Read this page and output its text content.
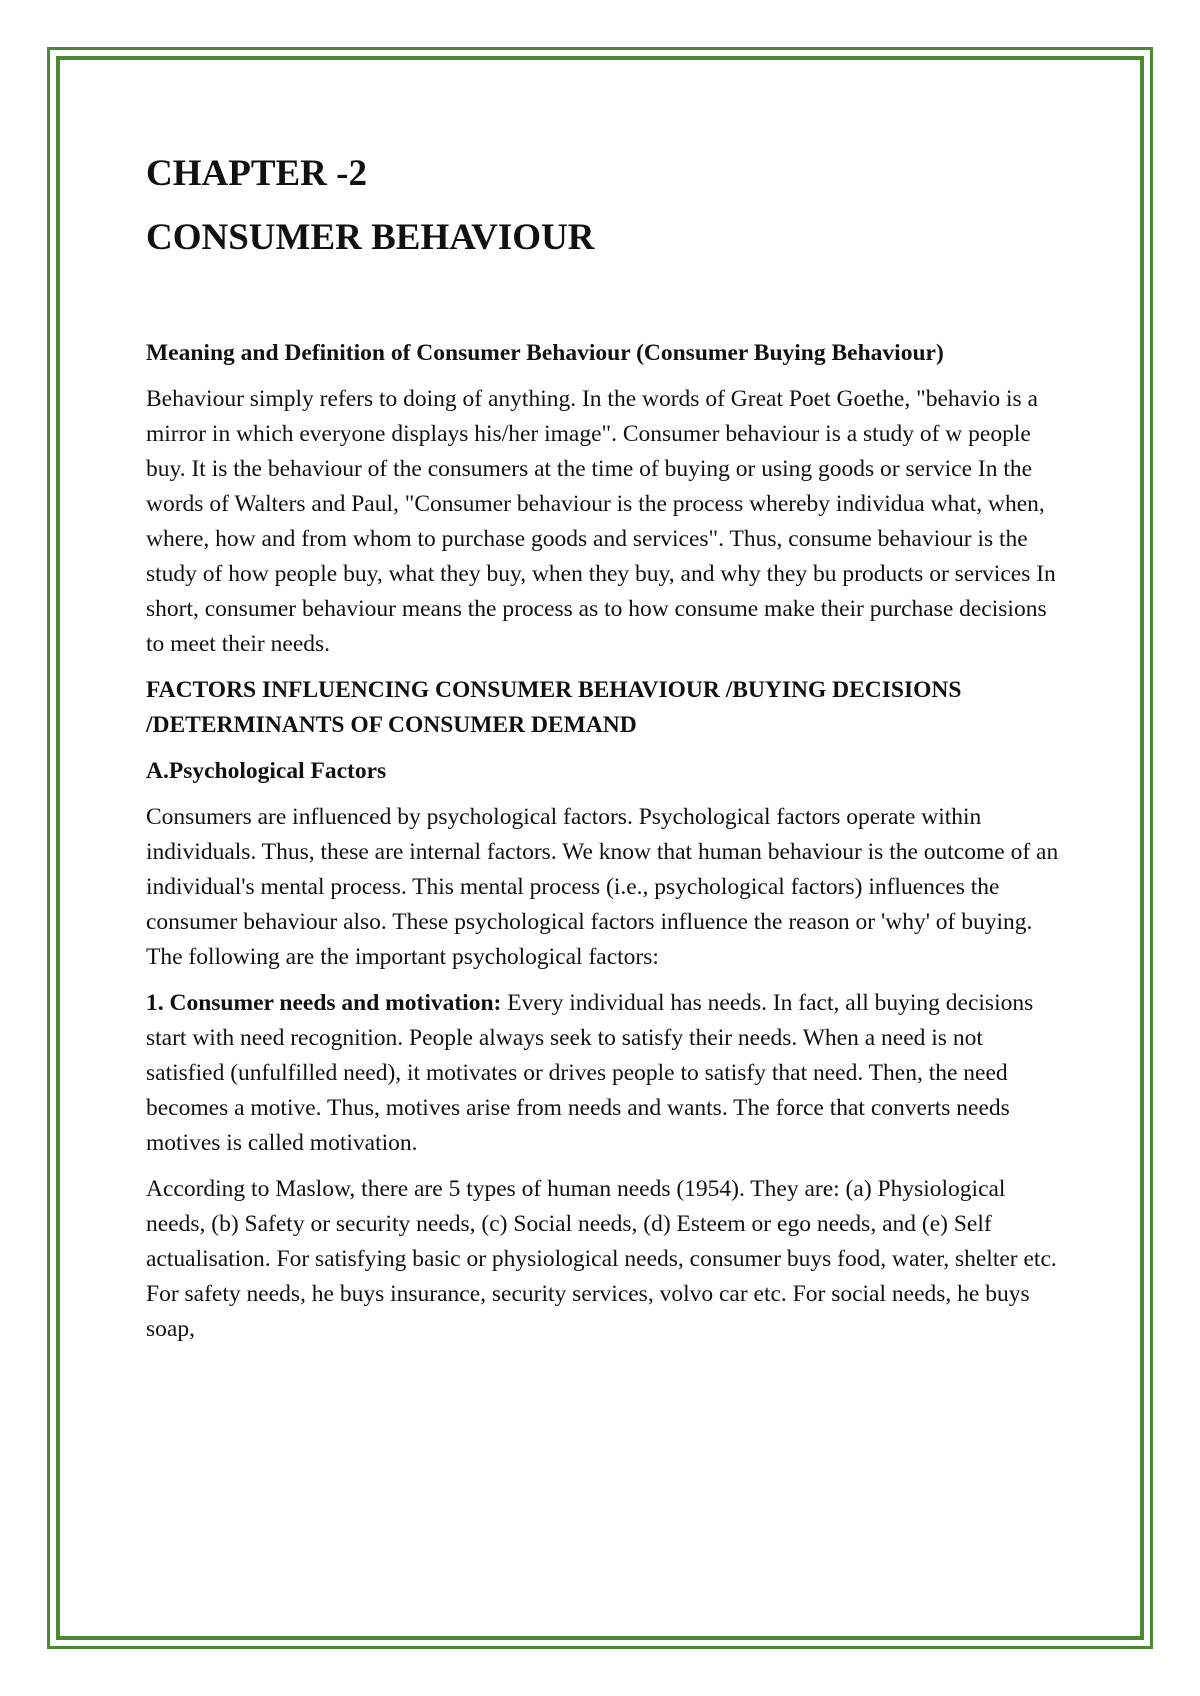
CHAPTER -2
CONSUMER BEHAVIOUR
Meaning and Definition of Consumer Behaviour (Consumer Buying Behaviour)

Behaviour simply refers to doing of anything. In the words of Great Poet Goethe, "behavio is a mirror in which everyone displays his/her image". Consumer behaviour is a study of w people buy. It is the behaviour of the consumers at the time of buying or using goods or service In the words of Walters and Paul, "Consumer behaviour is the process whereby individua what, when, where, how and from whom to purchase goods and services". Thus, consume behaviour is the study of how people buy, what they buy, when they buy, and why they bu products or services In short, consumer behaviour means the process as to how consume make their purchase decisions to meet their needs.

FACTORS INFLUENCING CONSUMER BEHAVIOUR /BUYING DECISIONS /DETERMINANTS OF CONSUMER DEMAND
A.Psychological Factors

Consumers are influenced by psychological factors. Psychological factors operate within individuals. Thus, these are internal factors. We know that human behaviour is the outcome of an individual's mental process. This mental process (i.e., psychological factors) influences the consumer behaviour also. These psychological factors influence the reason or 'why' of buying. The following are the important psychological factors:

1. Consumer needs and motivation: Every individual has needs. In fact, all buying decisions start with need recognition. People always seek to satisfy their needs. When a need is not satisfied (unfulfilled need), it motivates or drives people to satisfy that need. Then, the need becomes a motive. Thus, motives arise from needs and wants. The force that converts needs motives is called motivation.

According to Maslow, there are 5 types of human needs (1954). They are: (a) Physiological needs, (b) Safety or security needs, (c) Social needs, (d) Esteem or ego needs, and (e) Self actualisation. For satisfying basic or physiological needs, consumer buys food, water, shelter etc. For safety needs, he buys insurance, security services, volvo car etc. For social needs, he buys soap,
